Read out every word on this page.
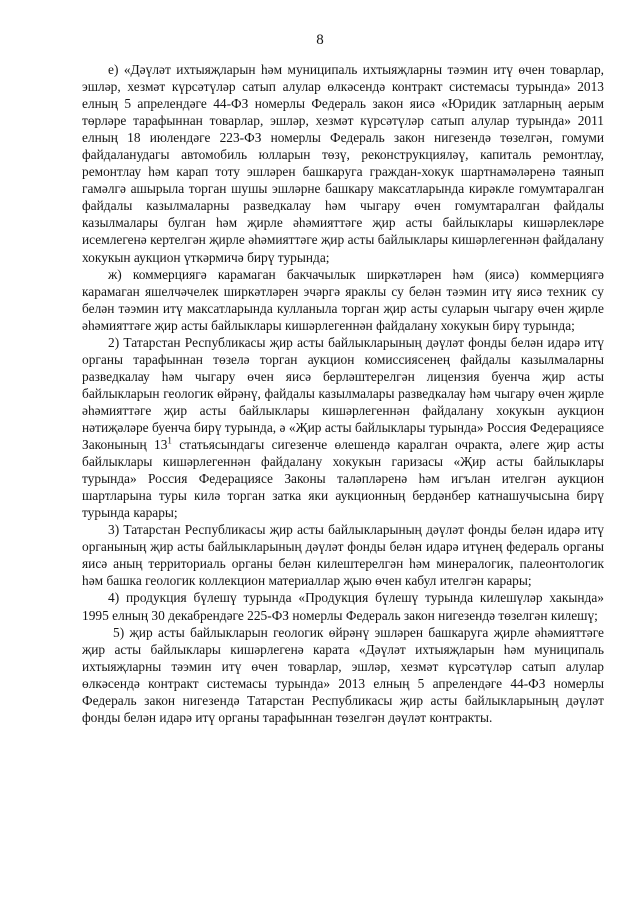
8

е) «Дәүләт ихтыяҗларын һәм муниципаль ихтыяҗларны тәэмин итү өчен товарлар, эшләр, хезмәт күрсәтүләр сатып алулар өлкәсендә контракт системасы турында» 2013 елның 5 апрелендәге 44-ФЗ номерлы Федераль закон яисә «Юридик затларның аерым төрләре тарафыннан товарлар, эшләр, хезмәт күрсәтүләр сатып алулар турында» 2011 елның 18 июлендәге 223-ФЗ номерлы Федераль закон нигезендә төзелгән, гомуми файдаланудагы автомобиль юлларын төзү, реконструкцияләү, капиталь ремонтлау, ремонтлау һәм карап тоту эшләрен башкаруга граждан-хокук шартнамәләренә таянып гамәлгә ашырыла торган шушы эшләрне башкару максатларында кирәкле гомумтаралган файдалы казылмаларны разведкалау һәм чыгару өчен гомумтаралган файдалы казылмалары булган һәм җирле әһәмияттәге җир асты байлыклары кишәрлекләре исемлегенә кертелгән җирле әһәмияттәге җир асты байлыклары кишәрлегеннән файдалану хокукын аукцион үткәрмичә бирү турында;

ж) коммерциягә карамаган бакчачылык ширкәтләрен һәм (яисә) коммерциягә карамаган яшелчәчелек ширкәтләрен эчәргә яраклы су белән тәэмин итү яисә техник су белән тәэмин итү максатларында кулланыла торган җир асты суларын чыгару өчен җирле әһәмияттәге җир асты байлыклары кишәрлегеннән файдалану хокукын бирү турында;

2) Татарстан Республикасы җир асты байлыкларының дәүләт фонды белән идарә итү органы тарафыннан төзелә торган аукцион комиссиясенең файдалы казылмаларны разведкалау һәм чыгару өчен яисә берләштерелгән лицензия буенча җир асты байлыкларын геологик өйрәнү, файдалы казылмалары разведкалау һәм чыгару өчен җирле әһәмияттәге җир асты байлыклары кишәрлегеннән файдалану хокукын аукцион нәтиҗәләре буенча бирү турында, ә «Җир асты байлыклары турында» Россия Федерациясе Законының $13^1$ статьясындагы сигезенче өлешендә каралган очракта, әлеге җир асты байлыклары кишәрлегеннән файдалану хокукын гаризасы «Җир асты байлыклары турында» Россия Федерациясе Законы таләпләренә һәм игълан ителгән аукцион шартларына туры килә торган затка яки аукционның бердәнбер катнашучысына бирү турында карары;

3) Татарстан Республикасы җир асты байлыкларының дәүләт фонды белән идарә итү органының җир асты байлыкларының дәүләт фонды белән идарә итүнең федераль органы яисә аның территориаль органы белән килештерелгән һәм минералогик, палеонтологик һәм башка геологик коллекцион материаллар җыю өчен кабул ителгән карары;

4) продукция бүлешү турында «Продукция бүлешү турында килешүләр хакында» 1995 елның 30 декабрендәге 225-ФЗ номерлы Федераль закон нигезендә төзелгән килешү;

5) җир асты байлыкларын геологик өйрәнү эшләрен башкаруга җирле әһәмияттәге җир асты байлыклары кишәрлегенә карата «Дәүләт ихтыяҗларын һәм муниципаль ихтыяҗларны тәэмин итү өчен товарлар, эшләр, хезмәт күрсәтүләр сатып алулар өлкәсендә контракт системасы турында» 2013 елның 5 апрелендәге 44-ФЗ номерлы Федераль закон нигезендә Татарстан Республикасы җир асты байлыкларының дәүләт фонды белән идарә итү органы тарафыннан төзелгән дәүләт контракты.
